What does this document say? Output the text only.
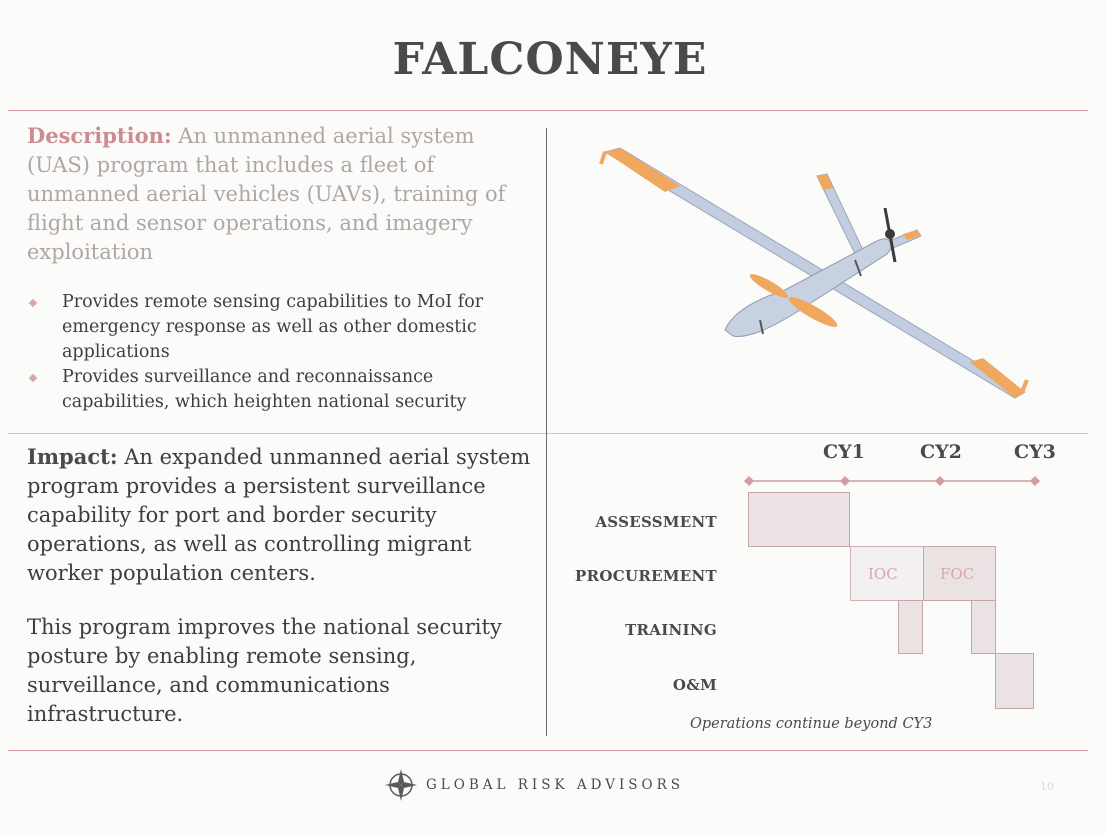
FALCONEYE
Description: An unmanned aerial system (UAS) program that includes a fleet of unmanned aerial vehicles (UAVs), training of flight and sensor operations, and imagery exploitation
Provides remote sensing capabilities to MoI for emergency response as well as other domestic applications
Provides surveillance and reconnaissance capabilities, which heighten national security
Impact: An expanded unmanned aerial system program provides a persistent surveillance capability for port and border security operations, as well as controlling migrant worker population centers.
This program improves the national security posture by enabling remote sensing, surveillance, and communications infrastructure.
CY1	CY2	CY3
ASSESSMENT
PROCUREMENT
TRAINING
O&M
IOC	FOC
Operations continue beyond CY3
GLOBAL RISK ADVISORS	10
